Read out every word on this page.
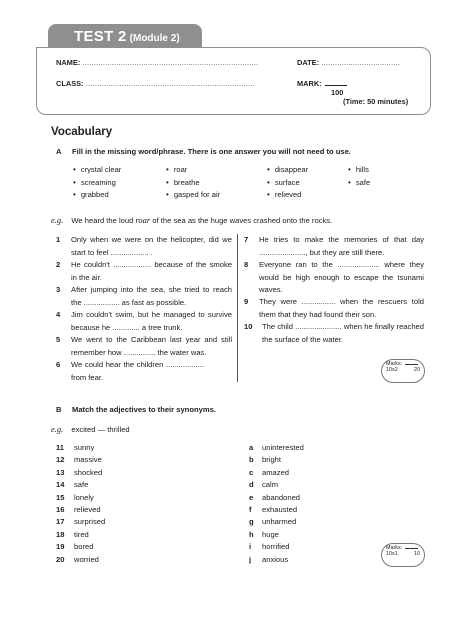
TEST 2 (Module 2)
NAME: ..............................................................................	DATE: ...................................
CLASS: ...........................................................................	MARK:
100
(Time: 50 minutes)
Vocabulary
A Fill in the missing word/phrase. There is one answer you will not need to use.
• crystal clear
• screaming
• grabbed
• roar
• breathe
• gasped for air
• disappear
• surface
• relieved
• hills
• safe
e.g. We heard the loud roar of the sea as the huge waves crashed onto the rocks.
1 Only when we were on the helicopter, did we start to feel .................. .
2 He couldn't .................. because of the smoke in the air.
3 After jumping into the sea, she tried to reach the ................. as fast as possible.
4 Jim couldn't swim, but he managed to survive because he ............. a tree trunk.
5 We went to the Caribbean last year and still remember how ............... the water was.
6 We could hear the children .................. from fear.
7 He tries to make the memories of that day ......................, but they are still there.
8 Everyone ran to the .................... where they would be high enough to escape the tsunami waves.
9 They were ................ when the rescuers told them that they had found their son.
10 The child ...................... when he finally reached the surface of the water.
Marks:
10x2	20
B Match the adjectives to their synonyms.
e.g. excited — thrilled
11 sunny
12 massive
13 shocked
14 safe
15 lonely
16 relieved
17 surprised
18 tired
19 bored
20 worried
a uninterested
b bright
c amazed
d calm
e abandoned
f exhausted
g unharmed
h huge
i horrified
j anxious
Marks:
10x1	10
